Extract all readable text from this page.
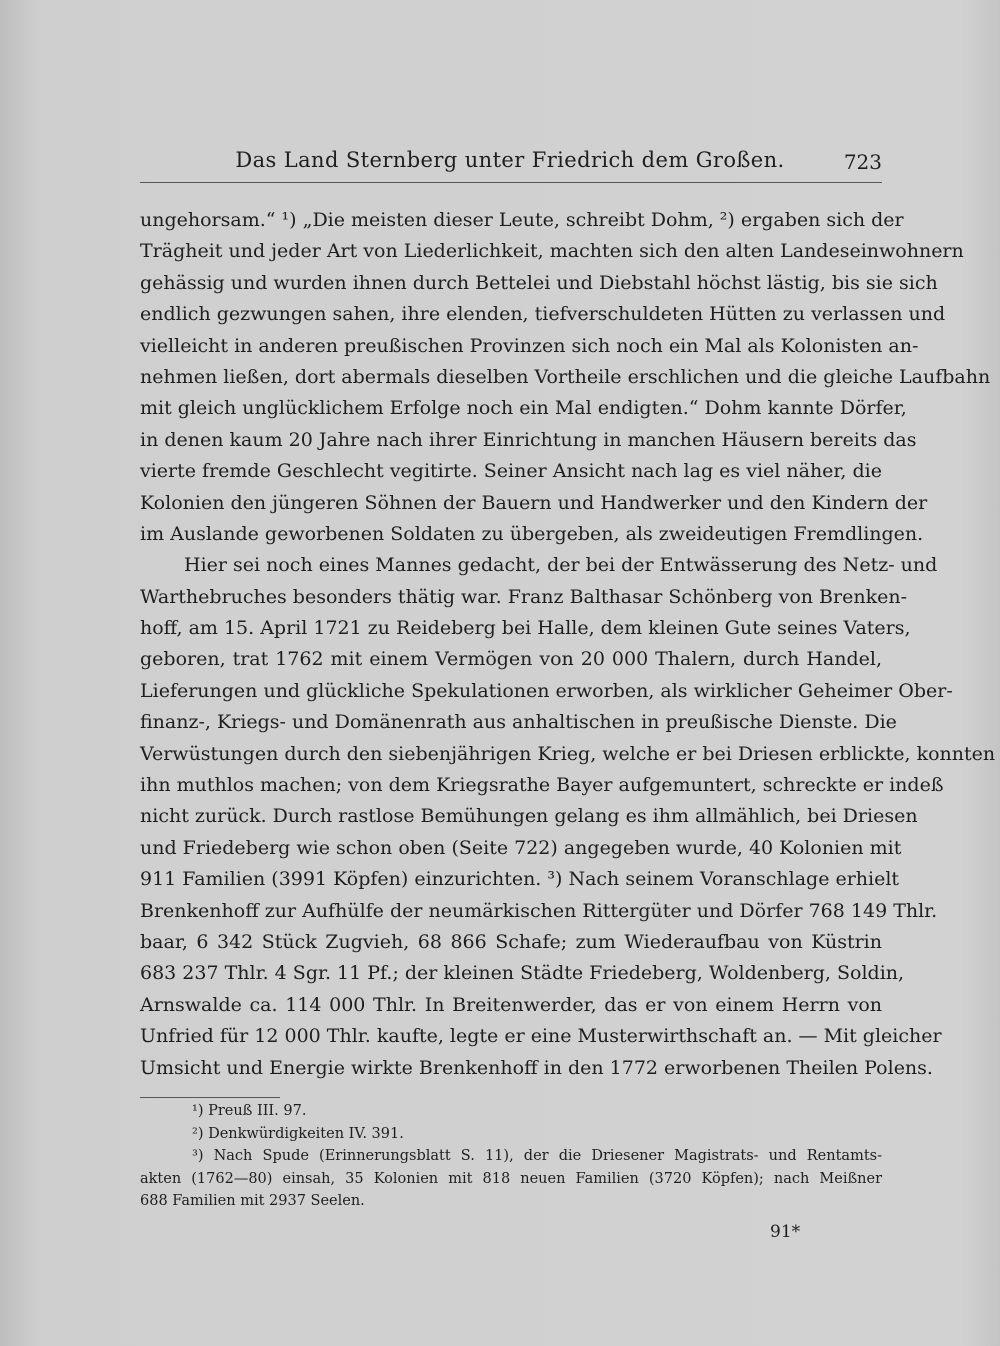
Das Land Sternberg unter Friedrich dem Großen.	723
ungehorsam.“ ¹) „Die meisten dieser Leute, schreibt Dohm, ²) ergaben sich der
Trägheit und jeder Art von Liederlichkeit, machten sich den alten Landeseinwohnern
gehässig und wurden ihnen durch Bettelei und Diebstahl höchst lästig, bis sie sich
endlich gezwungen sahen, ihre elenden, tiefverschuldeten Hütten zu verlassen und
vielleicht in anderen preußischen Provinzen sich noch ein Mal als Kolonisten an-
nehmen ließen, dort abermals dieselben Vortheile erschlichen und die gleiche Laufbahn
mit gleich unglücklichem Erfolge noch ein Mal endigten.“ Dohm kannte Dörfer,
in denen kaum 20 Jahre nach ihrer Einrichtung in manchen Häusern bereits das
vierte fremde Geschlecht vegitirte. Seiner Ansicht nach lag es viel näher, die
Kolonien den jüngeren Söhnen der Bauern und Handwerker und den Kindern der
im Auslande geworbenen Soldaten zu übergeben, als zweideutigen Fremdlingen.
Hier sei noch eines Mannes gedacht, der bei der Entwässerung des Netz- und
Warthebruches besonders thätig war. Franz Balthasar Schönberg von Brenken-
hoff, am 15. April 1721 zu Reideberg bei Halle, dem kleinen Gute seines Vaters,
geboren, trat 1762 mit einem Vermögen von 20 000 Thalern, durch Handel,
Lieferungen und glückliche Spekulationen erworben, als wirklicher Geheimer Ober-
finanz-, Kriegs- und Domänenrath aus anhaltischen in preußische Dienste. Die
Verwüstungen durch den siebenjährigen Krieg, welche er bei Driesen erblickte, konnten
ihn muthlos machen; von dem Kriegsrathe Bayer aufgemuntert, schreckte er indeß
nicht zurück. Durch rastlose Bemühungen gelang es ihm allmählich, bei Driesen
und Friedeberg wie schon oben (Seite 722) angegeben wurde, 40 Kolonien mit
911 Familien (3991 Köpfen) einzurichten. ³) Nach seinem Voranschlage erhielt
Brenkenhoff zur Aufhülfe der neumärkischen Rittergüter und Dörfer 768 149 Thlr.
baar, 6 342 Stück Zugvieh, 68 866 Schafe; zum Wiederaufbau von Küstrin
683 237 Thlr. 4 Sgr. 11 Pf.; der kleinen Städte Friedeberg, Woldenberg, Soldin,
Arnswalde ca. 114 000 Thlr. In Breitenwerder, das er von einem Herrn von
Unfried für 12 000 Thlr. kaufte, legte er eine Musterwirthschaft an. — Mit gleicher
Umsicht und Energie wirkte Brenkenhoff in den 1772 erworbenen Theilen Polens.
¹) Preuß III. 97.
²) Denkwürdigkeiten IV. 391.
³) Nach Spude (Erinnerungsblatt S. 11), der die Driesener Magistrats- und Rentamts-
akten (1762—80) einsah, 35 Kolonien mit 818 neuen Familien (3720 Köpfen); nach Meißner
688 Familien mit 2937 Seelen.
91*
